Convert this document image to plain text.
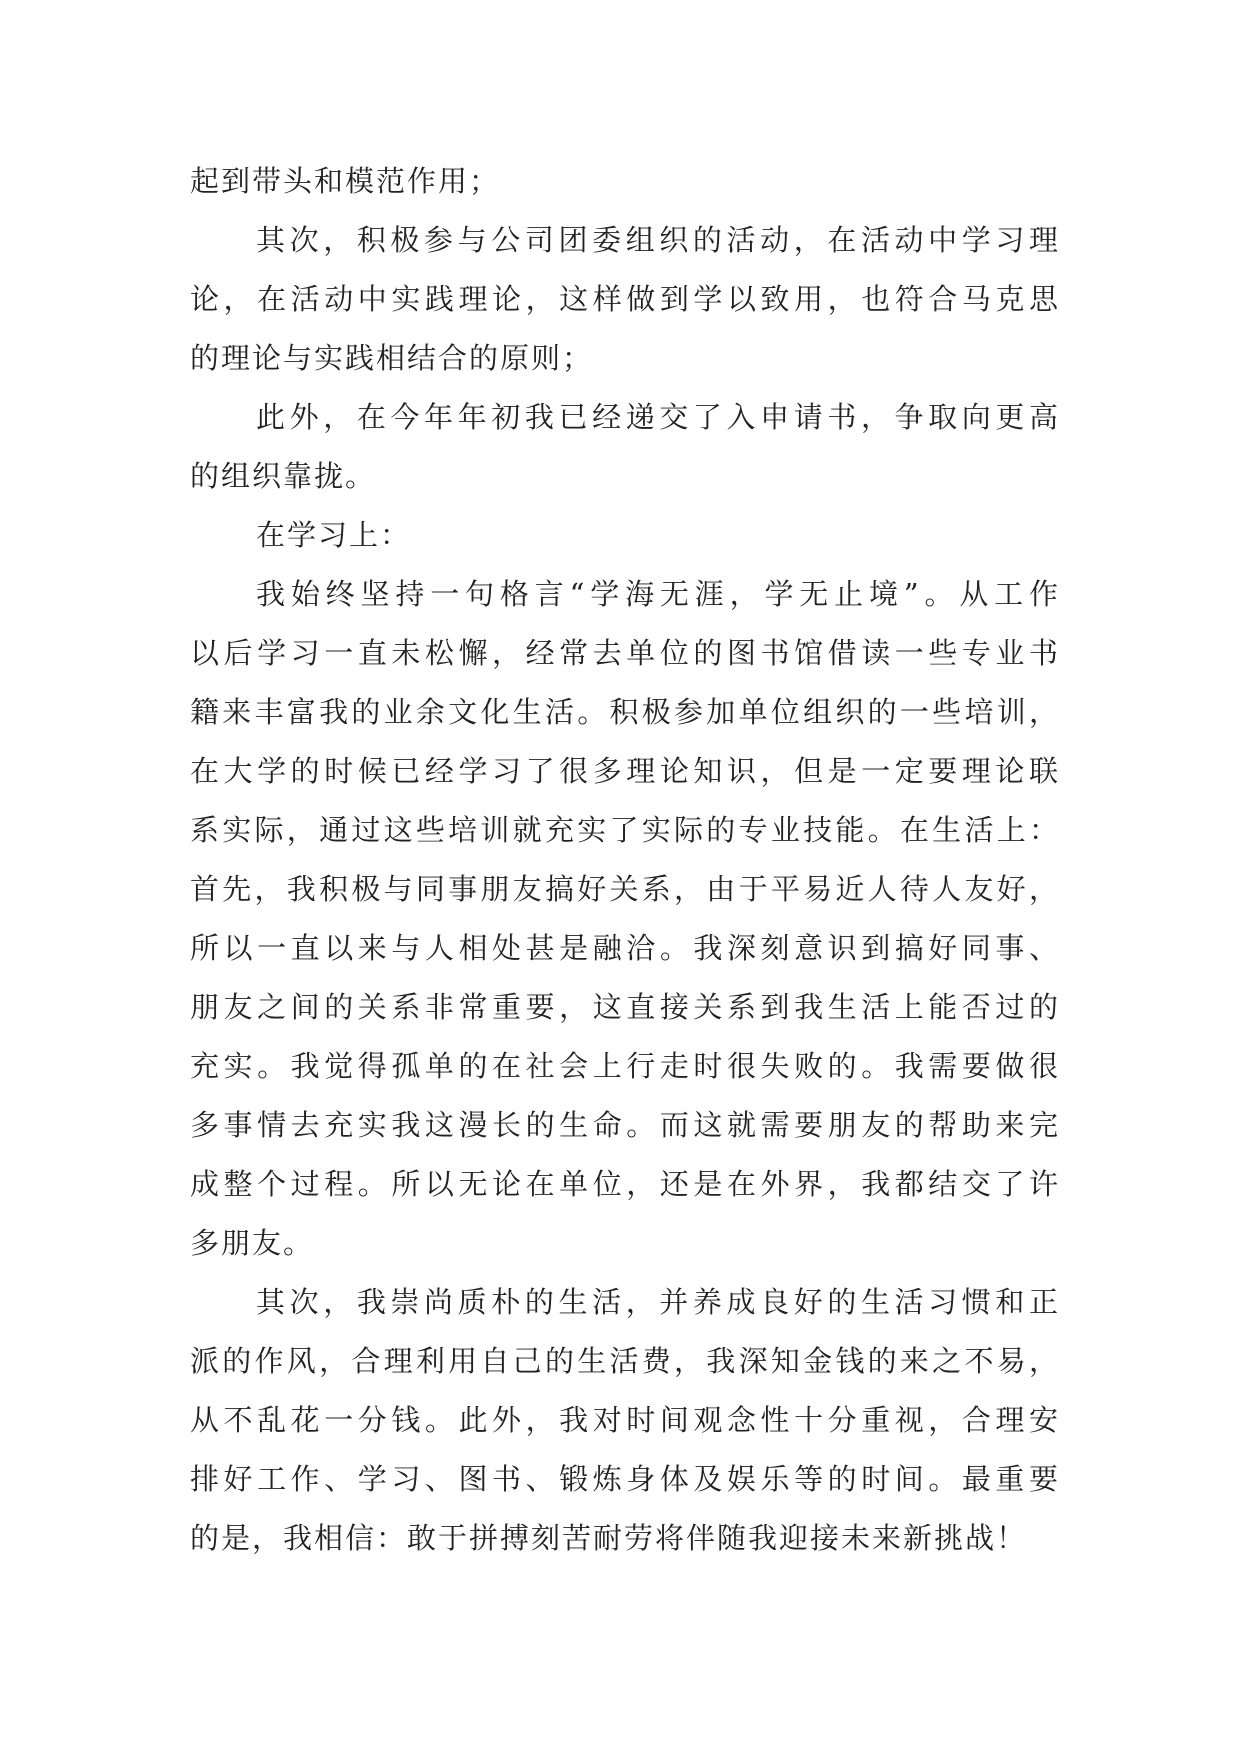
起到带头和模范作用；

其次，积极参与公司团委组织的活动，在活动中学习理

论，在活动中实践理论，这样做到学以致用，也符合马克思

的理论与实践相结合的原则；

此外，在今年年初我已经递交了入申请书，争取向更高

的组织靠拢。

在学习上：

我始终坚持一句格言“学海无涯，学无止境”。从工作

以后学习一直未松懈，经常去单位的图书馆借读一些专业书

籍来丰富我的业余文化生活。积极参加单位组织的一些培训，

在大学的时候已经学习了很多理论知识，但是一定要理论联

系实际，通过这些培训就充实了实际的专业技能。在生活上：

首先，我积极与同事朋友搞好关系，由于平易近人待人友好，

所以一直以来与人相处甚是融洽。我深刻意识到搞好同事、

朋友之间的关系非常重要，这直接关系到我生活上能否过的

充实。我觉得孤单的在社会上行走时很失败的。我需要做很

多事情去充实我这漫长的生命。而这就需要朋友的帮助来完

成整个过程。所以无论在单位，还是在外界，我都结交了许

多朋友。

其次，我崇尚质朴的生活，并养成良好的生活习惯和正

派的作风，合理利用自己的生活费，我深知金钱的来之不易，

从不乱花一分钱。此外，我对时间观念性十分重视，合理安

排好工作、学习、图书、锻炼身体及娱乐等的时间。最重要

的是，我相信：敢于拼搏刻苦耐劳将伴随我迎接未来新挑战！
